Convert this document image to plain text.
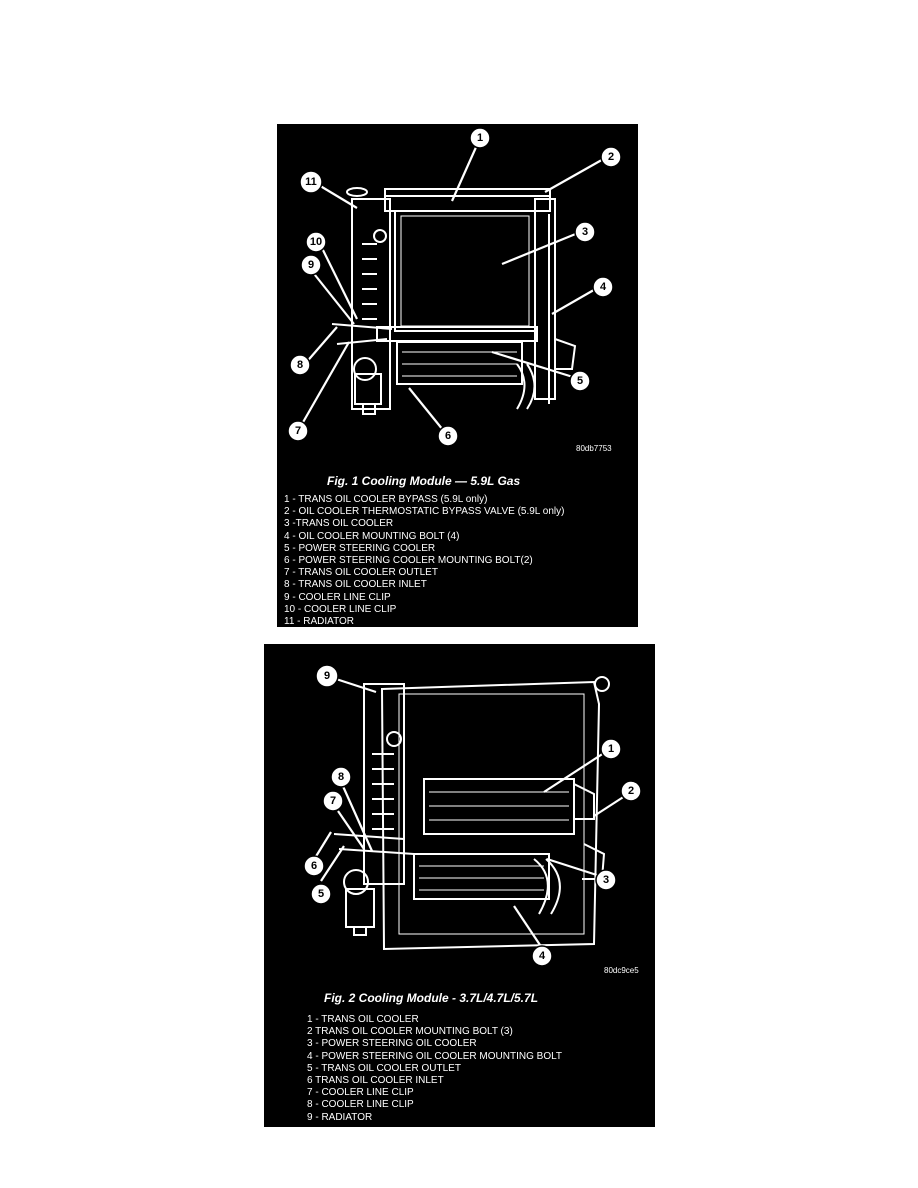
1
2
3
4
5
6
7
8
9
10
11
80db7753
Fig. 1 Cooling Module — 5.9L Gas
1 - TRANS OIL COOLER BYPASS (5.9L only)
2 - OIL COOLER THERMOSTATIC BYPASS VALVE (5.9L only)
3 -TRANS OIL COOLER
4 - OIL COOLER MOUNTING BOLT (4)
5 - POWER STEERING COOLER
6 - POWER STEERING COOLER MOUNTING BOLT(2)
7 - TRANS OIL COOLER OUTLET
8 - TRANS OIL COOLER INLET
9 - COOLER LINE CLIP
10 - COOLER LINE CLIP
11 - RADIATOR
1
2
3
4
5
6
7
8
9
80dc9ce5
Fig. 2 Cooling Module - 3.7L/4.7L/5.7L
1 - TRANS OIL COOLER
2 TRANS OIL COOLER MOUNTING BOLT (3)
3 - POWER STEERING OIL COOLER
4 - POWER STEERING OIL COOLER MOUNTING BOLT
5 - TRANS OIL COOLER OUTLET
6 TRANS OIL COOLER INLET
7 - COOLER LINE CLIP
8 - COOLER LINE CLIP
9 - RADIATOR
